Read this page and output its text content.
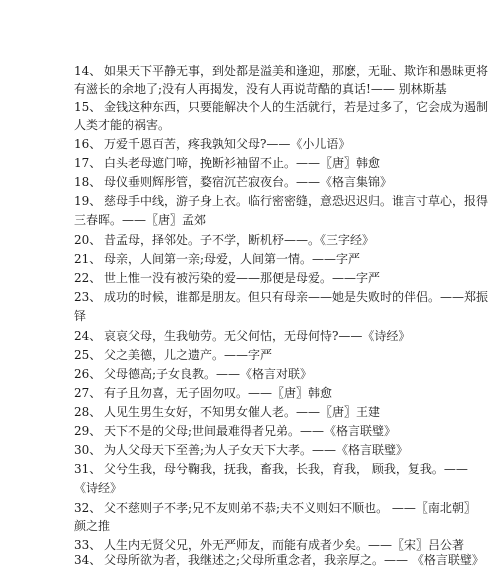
14、 如果天下平静无事，到处都是溢美和逢迎，那麽，无耻、欺诈和愚昧更将
有滋长的余地了;没有人再揭发，没有人再说苛酷的真话!—— 别林斯基
15、 金钱这种东西，只要能解决个人的生活就行，若是过多了，它会成为遏制
人类才能的祸害。
16、 万爱千恩百苦，疼我孰知父母?——《小儿语》
17、 白头老母遮门啼，挽断衫袖留不止。——〖唐〗韩愈
18、 母仪垂则辉彤管，婺宿沉芒寂夜台。——《格言集锦》
19、 慈母手中线，游子身上衣。临行密密缝，意恐迟迟归。谁言寸草心，报得
三春晖。——〖唐〗孟郊
20、 昔孟母，择邻处。子不学，断机杼——。《三字经》
21、 母亲，人间第一亲;母爱，人间第一情。——字严
22、 世上惟一没有被污染的爱——那便是母爱。——字严
23、 成功的时候，谁都是朋友。但只有母亲——她是失败时的伴侣。——郑振
铎
24、 哀哀父母，生我劬劳。无父何怙，无母何恃?——《诗经》
25、 父之美德，儿之遗产。——字严
26、 父母德高;子女良教。——《格言对联》
27、 有子且勿喜，无子固勿叹。——〖唐〗韩愈
28、 人见生男生女好，不知男女催人老。——〖唐〗王建
29、 天下不是的父母;世间最难得者兄弟。——《格言联璧》
30、 为人父母天下至善;为人子女天下大孝。——《格言联璧》
31、 父兮生我，母兮鞠我，抚我，畜我，长我，育我， 顾我，复我。——
《诗经》
32、 父不慈则子不孝;兄不友则弟不恭;夫不义则妇不顺也。 ——〖南北朝〗
颜之推
33、 人生内无贤父兄，外无严师友，而能有成者少矣。——〖宋〗吕公著
34、 父母所欲为者，我继述之;父母所重念者，我亲厚之。—— 《格言联璧》
